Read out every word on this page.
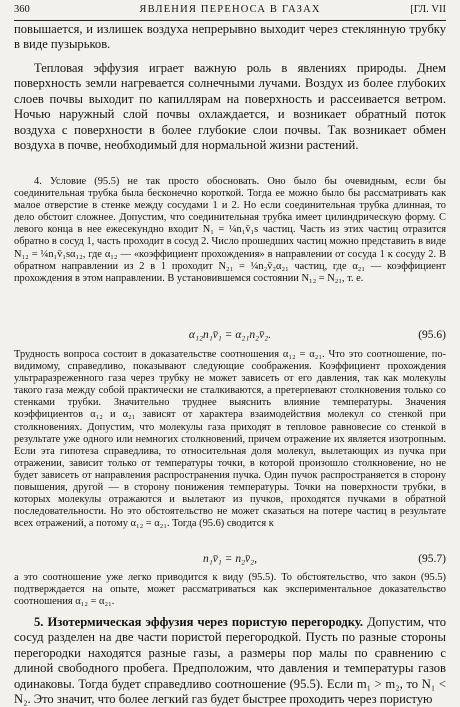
360	ЯВЛЕНИЯ ПЕРЕНОСА В ГАЗАХ	[ГЛ. VII

повышается, и излишек воздуха непрерывно выходит через стеклянную трубку в виде пузырьков.

Тепловая эффузия играет важную роль в явлениях природы. Днем поверхность земли нагревается солнечными лучами. Воздух из более глубоких слоев почвы выходит по капиллярам на поверхность и рассеивается ветром. Ночью наружный слой почвы охлаждается, и возникает обратный поток воздуха с поверхности в более глубокие слои почвы. Так возникает обмен воздуха в почве, необходимый для нормальной жизни растений.

4. Условие (95.5) не так просто обосновать. Оно было бы очевидным, если бы соединительная трубка была бесконечно короткой. Тогда ее можно было бы рассматривать как малое отверстие в стенке между сосудами 1 и 2. Но если соединительная трубка длинная, то дело обстоит сложнее. Допустим, что соединительная трубка имеет цилиндрическую форму. С левого конца в нее ежесекундно входит N₁ = ¼n₁v̄₁s частиц. Часть из этих частиц отразится обратно в сосуд 1, часть проходит в сосуд 2. Число прошедших частиц можно представить в виде N₁₂ = ¼n₁v̄₁sα₁₂, где α₁₂ — «коэффициент прохождения» в направлении от сосуда 1 к сосуду 2. В обратном направлении из 2 в 1 проходит N₂₁ = ¼n₂v̄₂α₂₁ частиц, где α₂₁ — коэффициент прохождения в этом направлении. В установившемся состоянии N₁₂ = N₂₁, т. е.

α₁₂n₁v̄₁ = α₂₁n₂v̄₂.	(95.6)

Трудность вопроса состоит в доказательстве соотношения α₁₂ = α₂₁. Что это соотношение, по-видимому, справедливо, показывают следующие соображения. Коэффициент прохождения ультраразреженного газа через трубку не может зависеть от его давления, так как молекулы такого газа между собой практически не сталкиваются, а претерпевают столкновения только со стенками трубки. Значительно труднее выяснить влияние температуры. Значения коэффициентов α₁₂ и α₂₁ зависят от характера взаимодействия молекул со стенкой при столкновениях. Допустим, что молекулы газа приходят в тепловое равновесие со стенкой в результате уже одного или немногих столкновений, причем отражение их является изотропным. Если эта гипотеза справедлива, то относительная доля молекул, вылетающих из пучка при отражении, зависит только от температуры точки, в которой произошло столкновение, но не будет зависеть от направления распространения пучка. Один пучок распространяется в сторону повышения, другой — в сторону понижения температуры. Точки на поверхности трубки, в которых молекулы отражаются и вылетают из пучков, проходятся пучками в обратной последовательности. Но это обстоятельство не может сказаться на потере частиц в результате всех отражений, а потому α₁₂ = α₂₁. Тогда (95.6) сводится к

n₁v̄₁ = n₂v̄₂,	(95.7)

а это соотношение уже легко приводится к виду (95.5). То обстоятельство, что закон (95.5) подтверждается на опыте, может рассматриваться как экспериментальное доказательство соотношения α₁₂ = α₂₁.

5. Изотермическая эффузия через пористую перегородку. Допустим, что сосуд разделен на две части пористой перегородкой. Пусть по разные стороны перегородки находятся разные газы, а размеры пор малы по сравнению с длиной свободного пробега. Предположим, что давления и температуры газов одинаковы. Тогда будет справедливо соотношение (95.5). Если m₁ > m₂, то N₁ < N₂. Это значит, что более легкий газ будет быстрее проходить через пористую
